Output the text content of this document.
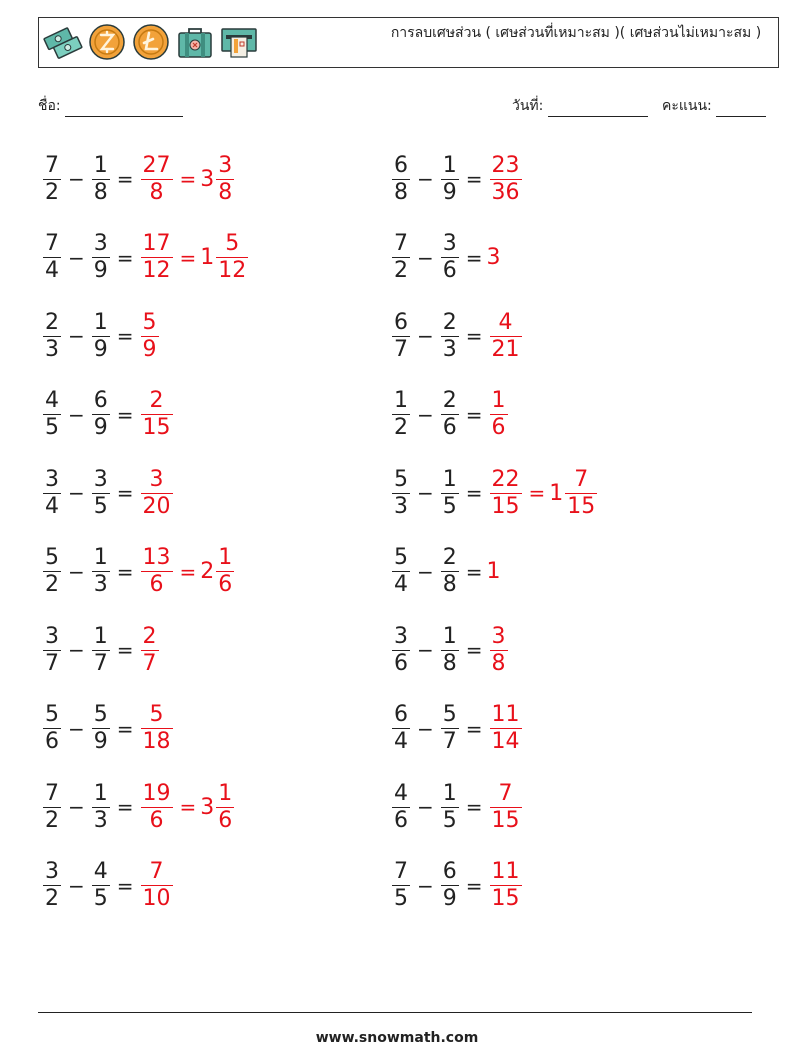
การลบเศษส่วน ( เศษส่วนที่เหมาะสม )( เศษส่วนไม่เหมาะสม )
ชื่อ:	วันที่:	คะแนน:
$\frac{7}{2} - \frac{1}{8} = \frac{27}{8} = 3 \frac{3}{8}$
$\frac{7}{4} - \frac{3}{9} = \frac{17}{12} = 1 \frac{5}{12}$
$\frac{2}{3} - \frac{1}{9} = \frac{5}{9}$
$\frac{4}{5} - \frac{6}{9} = \frac{2}{15}$
$\frac{3}{4} - \frac{3}{5} = \frac{3}{20}$
$\frac{5}{2} - \frac{1}{3} = \frac{13}{6} = 2 \frac{1}{6}$
$\frac{3}{7} - \frac{1}{7} = \frac{2}{7}$
$\frac{5}{6} - \frac{5}{9} = \frac{5}{18}$
$\frac{7}{2} - \frac{1}{3} = \frac{19}{6} = 3 \frac{1}{6}$
$\frac{3}{2} - \frac{4}{5} = \frac{7}{10}$
$\frac{6}{8} - \frac{1}{9} = \frac{23}{36}$
$\frac{7}{2} - \frac{3}{6} = 3$
$\frac{6}{7} - \frac{2}{3} = \frac{4}{21}$
$\frac{1}{2} - \frac{2}{6} = \frac{1}{6}$
$\frac{5}{3} - \frac{1}{5} = \frac{22}{15} = 1 \frac{7}{15}$
$\frac{5}{4} - \frac{2}{8} = 1$
$\frac{3}{6} - \frac{1}{8} = \frac{3}{8}$
$\frac{6}{4} - \frac{5}{7} = \frac{11}{14}$
$\frac{4}{6} - \frac{1}{5} = \frac{7}{15}$
$\frac{7}{5} - \frac{6}{9} = \frac{11}{15}$
www.snowmath.com
